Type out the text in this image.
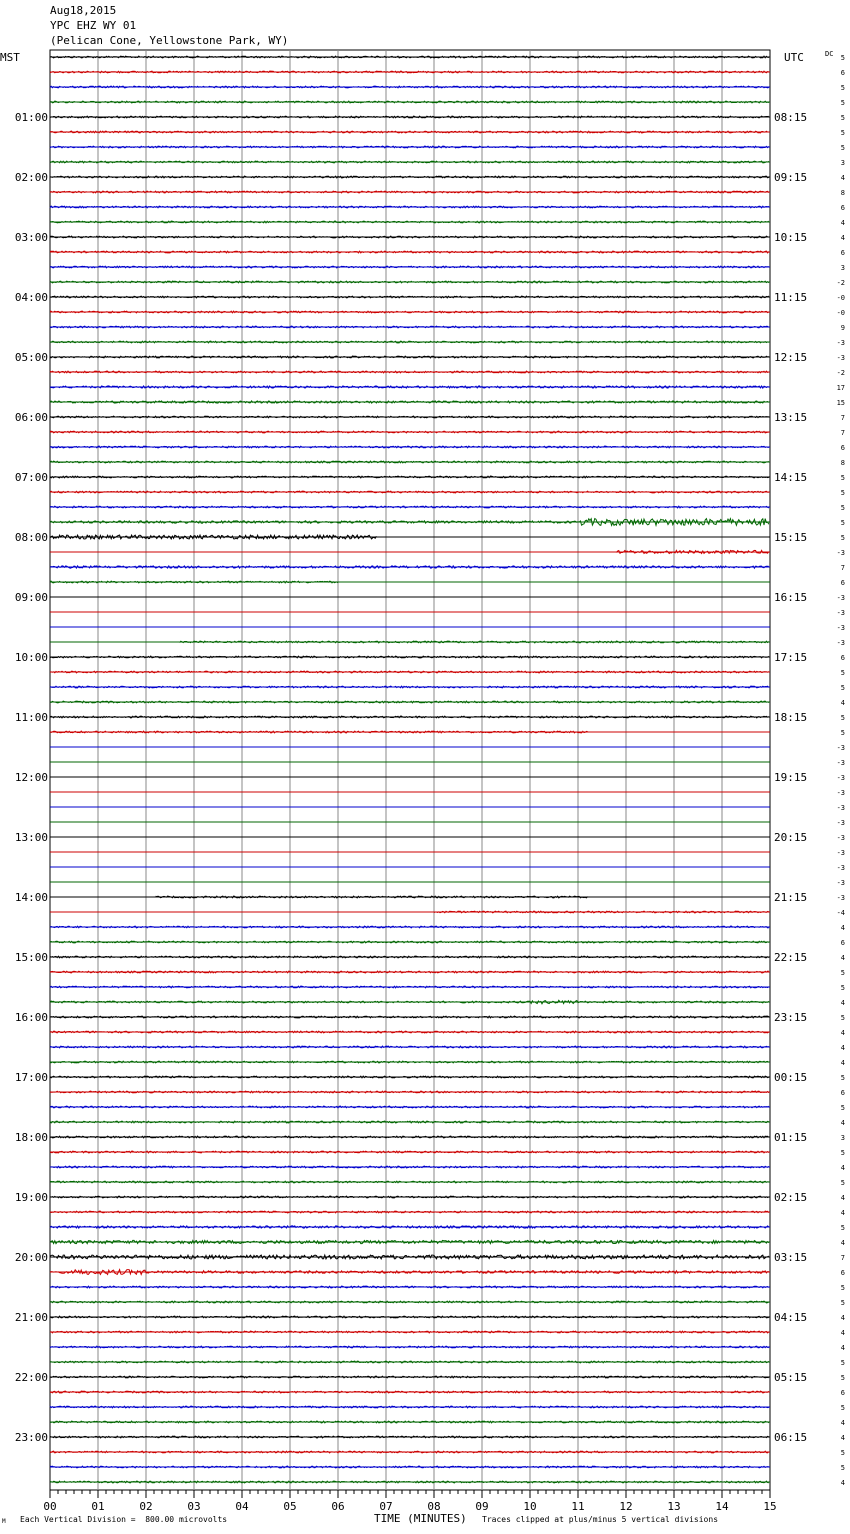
Aug18,2015
YPC EHZ WY 01
(Pelican Cone, Yellowstone Park, WY)
MST	UTC	DC
01:00
02:00
03:00
04:00
05:00
06:00
07:00
08:00
09:00
10:00
11:00
12:00
13:00
14:00
15:00
16:00
17:00
18:00
19:00
20:00
21:00
22:00
23:00
08:15
09:15
10:15
11:15
12:15
13:15
14:15
15:15
16:15
17:15
18:15
19:15
20:15
21:15
22:15
23:15
00:15
01:15
02:15
03:15
04:15
05:15
06:15
5
6
5
5
5
5
5
3
4
8
6
4
4
6
3
-2
-0
-0
9
-3
-3
-2
17
15
7
7
6
8
5
5
5
5
5
-3
7
6
-3
-3
-3
-3
6
5
5
4
5
5
-3
-3
-3
-3
-3
-3
-3
-3
-3
-3
-3
-4
4
6
4
5
5
4
5
4
4
4
5
6
5
4
3
5
4
5
4
4
5
4
7
6
5
5
4
4
4
5
5
6
5
4
4
5
5
4
00	01	02	03	04	05	06	07	08	09	10	11	12	13	14	15
M Each Vertical Division =  800.00 microvolts	TIME (MINUTES) Traces clipped at plus/minus 5 vertical divisions
